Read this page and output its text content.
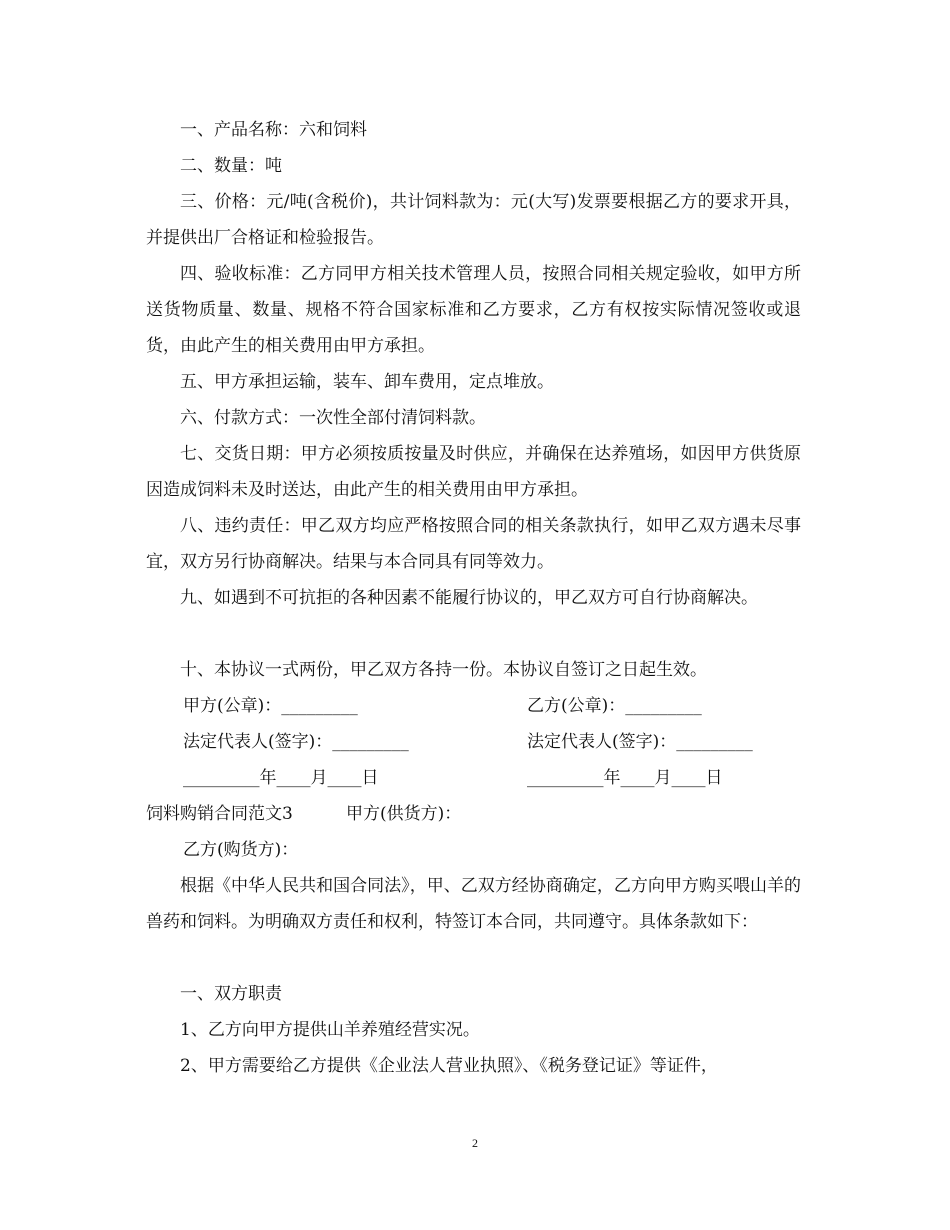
一、产品名称：六和饲料

二、数量：吨

三、价格：元/吨(含税价)，共计饲料款为：元(大写)发票要根据乙方的要求开具，并提供出厂合格证和检验报告。

四、验收标准：乙方同甲方相关技术管理人员，按照合同相关规定验收，如甲方所送货物质量、数量、规格不符合国家标准和乙方要求，乙方有权按实际情况签收或退货，由此产生的相关费用由甲方承担。

五、甲方承担运输，装车、卸车费用，定点堆放。

六、付款方式：一次性全部付清饲料款。

七、交货日期：甲方必须按质按量及时供应，并确保在达养殖场，如因甲方供货原因造成饲料未及时送达，由此产生的相关费用由甲方承担。

八、违约责任：甲乙双方均应严格按照合同的相关条款执行，如甲乙双方遇未尽事宜，双方另行协商解决。结果与本合同具有同等效力。

九、如遇到不可抗拒的各种因素不能履行协议的，甲乙双方可自行协商解决。

十、本协议一式两份，甲乙双方各持一份。本协议自签订之日起生效。

甲方(公章)：_________	乙方(公章)：_________
法定代表人(签字)：_________	法定代表人(签字)：_________
_________年____月____日	_________年____月____日
饲料购销合同范文3	甲方(供货方)：
乙方(购货方)：

根据《中华人民共和国合同法》，甲、乙双方经协商确定，乙方向甲方购买喂山羊的兽药和饲料。为明确双方责任和权利，特签订本合同，共同遵守。具体条款如下：

一、双方职责

1、乙方向甲方提供山羊养殖经营实况。

2、甲方需要给乙方提供《企业法人营业执照》、《税务登记证》等证件，

2
